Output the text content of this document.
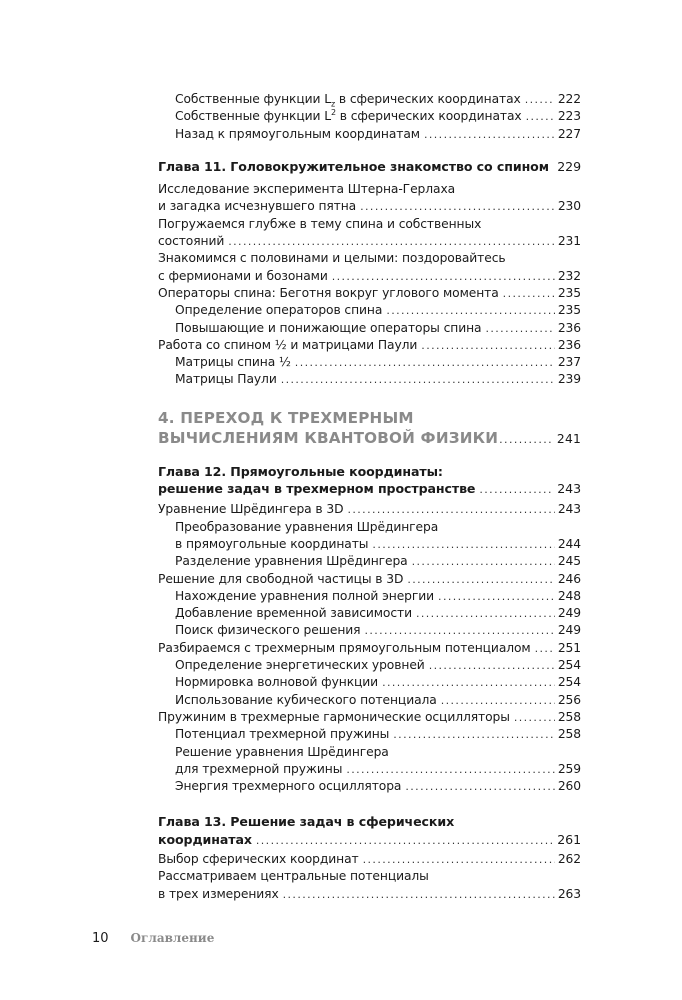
Собственные функции $L_z$ в сферических координатах .....	222
Собственные функции $L^2$ в сферических координатах .....	223
Назад к прямоугольным координатам .....	227
Глава 11. Головокружительное знакомство со спином ..... 229
Исследование эксперимента Штерна-Герлаха
и загадка исчезнувшего пятна .....	230
Погружаемся глубже в тему спина и собственных
состояний .....	231
Знакомимся с половинами и целыми: поздоровайтесь
с фермионами и бозонами .....	232
Операторы спина: Беготня вокруг углового момента .....	235
Определение операторов спина .....	235
Повышающие и понижающие операторы спина .....	236
Работа со спином ½ и матрицами Паули .....	236
Матрицы спина ½ .....	237
Матрицы Паули .....	239
4. ПЕРЕХОД К ТРЕХМЕРНЫМ
ВЫЧИСЛЕНИЯМ КВАНТОВОЙ ФИЗИКИ .....	241
Глава 12. Прямоугольные координаты:
решение задач в трехмерном пространстве .....	243
Уравнение Шрёдингера в 3D .....	243
Преобразование уравнения Шрёдингера
в прямоугольные координаты .....	244
Разделение уравнения Шрёдингера .....	245
Решение для свободной частицы в 3D .....	246
Нахождение уравнения полной энергии .....	248
Добавление временной зависимости .....	249
Поиск физического решения .....	249
Разбираемся с трехмерным прямоугольным потенциалом ..... 251
Определение энергетических уровней .....	254
Нормировка волновой функции .....	254
Использование кубического потенциала .....	256
Пружиним в трехмерные гармонические осцилляторы .....	258
Потенциал трехмерной пружины .....	258
Решение уравнения Шрёдингера
для трехмерной пружины .....	259
Энергия трехмерного осциллятора .....	260
Глава 13. Решение задач в сферических
координатах .....	261
Выбор сферических координат .....	262
Рассматриваем центральные потенциалы
в трех измерениях .....	263
10 Оглавление
